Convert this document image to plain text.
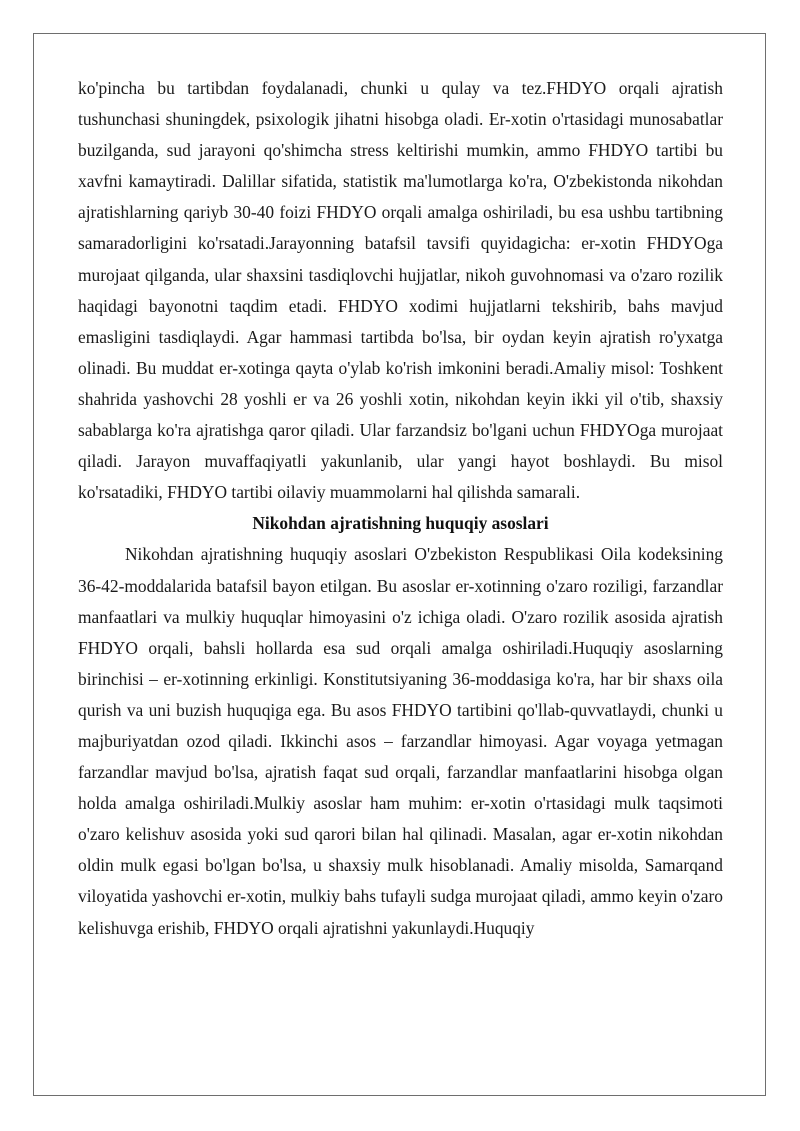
ko'pincha bu tartibdan foydalanadi, chunki u qulay va tez.FHDYO orqali ajratish tushunchasi shuningdek, psixologik jihatni hisobga oladi. Er-xotin o'rtasidagi munosabatlar buzilganda, sud jarayoni qo'shimcha stress keltirishi mumkin, ammo FHDYO tartibi bu xavfni kamaytiradi. Dalillar sifatida, statistik ma'lumotlarga ko'ra, O'zbekistonda nikohdan ajratishlarning qariyb 30-40 foizi FHDYO orqali amalga oshiriladi, bu esa ushbu tartibning samaradorligini ko'rsatadi.Jarayonning batafsil tavsifi quyidagicha: er-xotin FHDYOga murojaat qilganda, ular shaxsini tasdiqlovchi hujjatlar, nikoh guvohnomasi va o'zaro rozilik haqidagi bayonotni taqdim etadi. FHDYO xodimi hujjatlarni tekshirib, bahs mavjud emasligini tasdiqlaydi. Agar hammasi tartibda bo'lsa, bir oydan keyin ajratish ro'yxatga olinadi. Bu muddat er-xotinga qayta o'ylab ko'rish imkonini beradi.Amaliy misol: Toshkent shahrida yashovchi 28 yoshli er va 26 yoshli xotin, nikohdan keyin ikki yil o'tib, shaxsiy sabablarga ko'ra ajratishga qaror qiladi. Ular farzandsiz bo'lgani uchun FHDYOga murojaat qiladi. Jarayon muvaffaqiyatli yakunlanib, ular yangi hayot boshlaydi. Bu misol ko'rsatadiki, FHDYO tartibi oilaviy muammolarni hal qilishda samarali.

Nikohdan ajratishning huquqiy asoslari

Nikohdan ajratishning huquqiy asoslari O'zbekiston Respublikasi Oila kodeksining 36-42-moddalarida batafsil bayon etilgan. Bu asoslar er-xotinning o'zaro roziligi, farzandlar manfaatlari va mulkiy huquqlar himoyasini o'z ichiga oladi. O'zaro rozilik asosida ajratish FHDYO orqali, bahsli hollarda esa sud orqali amalga oshiriladi.Huquqiy asoslarning birinchisi – er-xotinning erkinligi. Konstitutsiyaning 36-moddasiga ko'ra, har bir shaxs oila qurish va uni buzish huquqiga ega. Bu asos FHDYO tartibini qo'llab-quvvatlaydi, chunki u majburiyatdan ozod qiladi. Ikkinchi asos – farzandlar himoyasi. Agar voyaga yetmagan farzandlar mavjud bo'lsa, ajratish faqat sud orqali, farzandlar manfaatlarini hisobga olgan holda amalga oshiriladi.Mulkiy asoslar ham muhim: er-xotin o'rtasidagi mulk taqsimoti o'zaro kelishuv asosida yoki sud qarori bilan hal qilinadi. Masalan, agar er-xotin nikohdan oldin mulk egasi bo'lgan bo'lsa, u shaxsiy mulk hisoblanadi. Amaliy misolda, Samarqand viloyatida yashovchi er-xotin, mulkiy bahs tufayli sudga murojaat qiladi, ammo keyin o'zaro kelishuvga erishib, FHDYO orqali ajratishni yakunlaydi.Huquqiy
